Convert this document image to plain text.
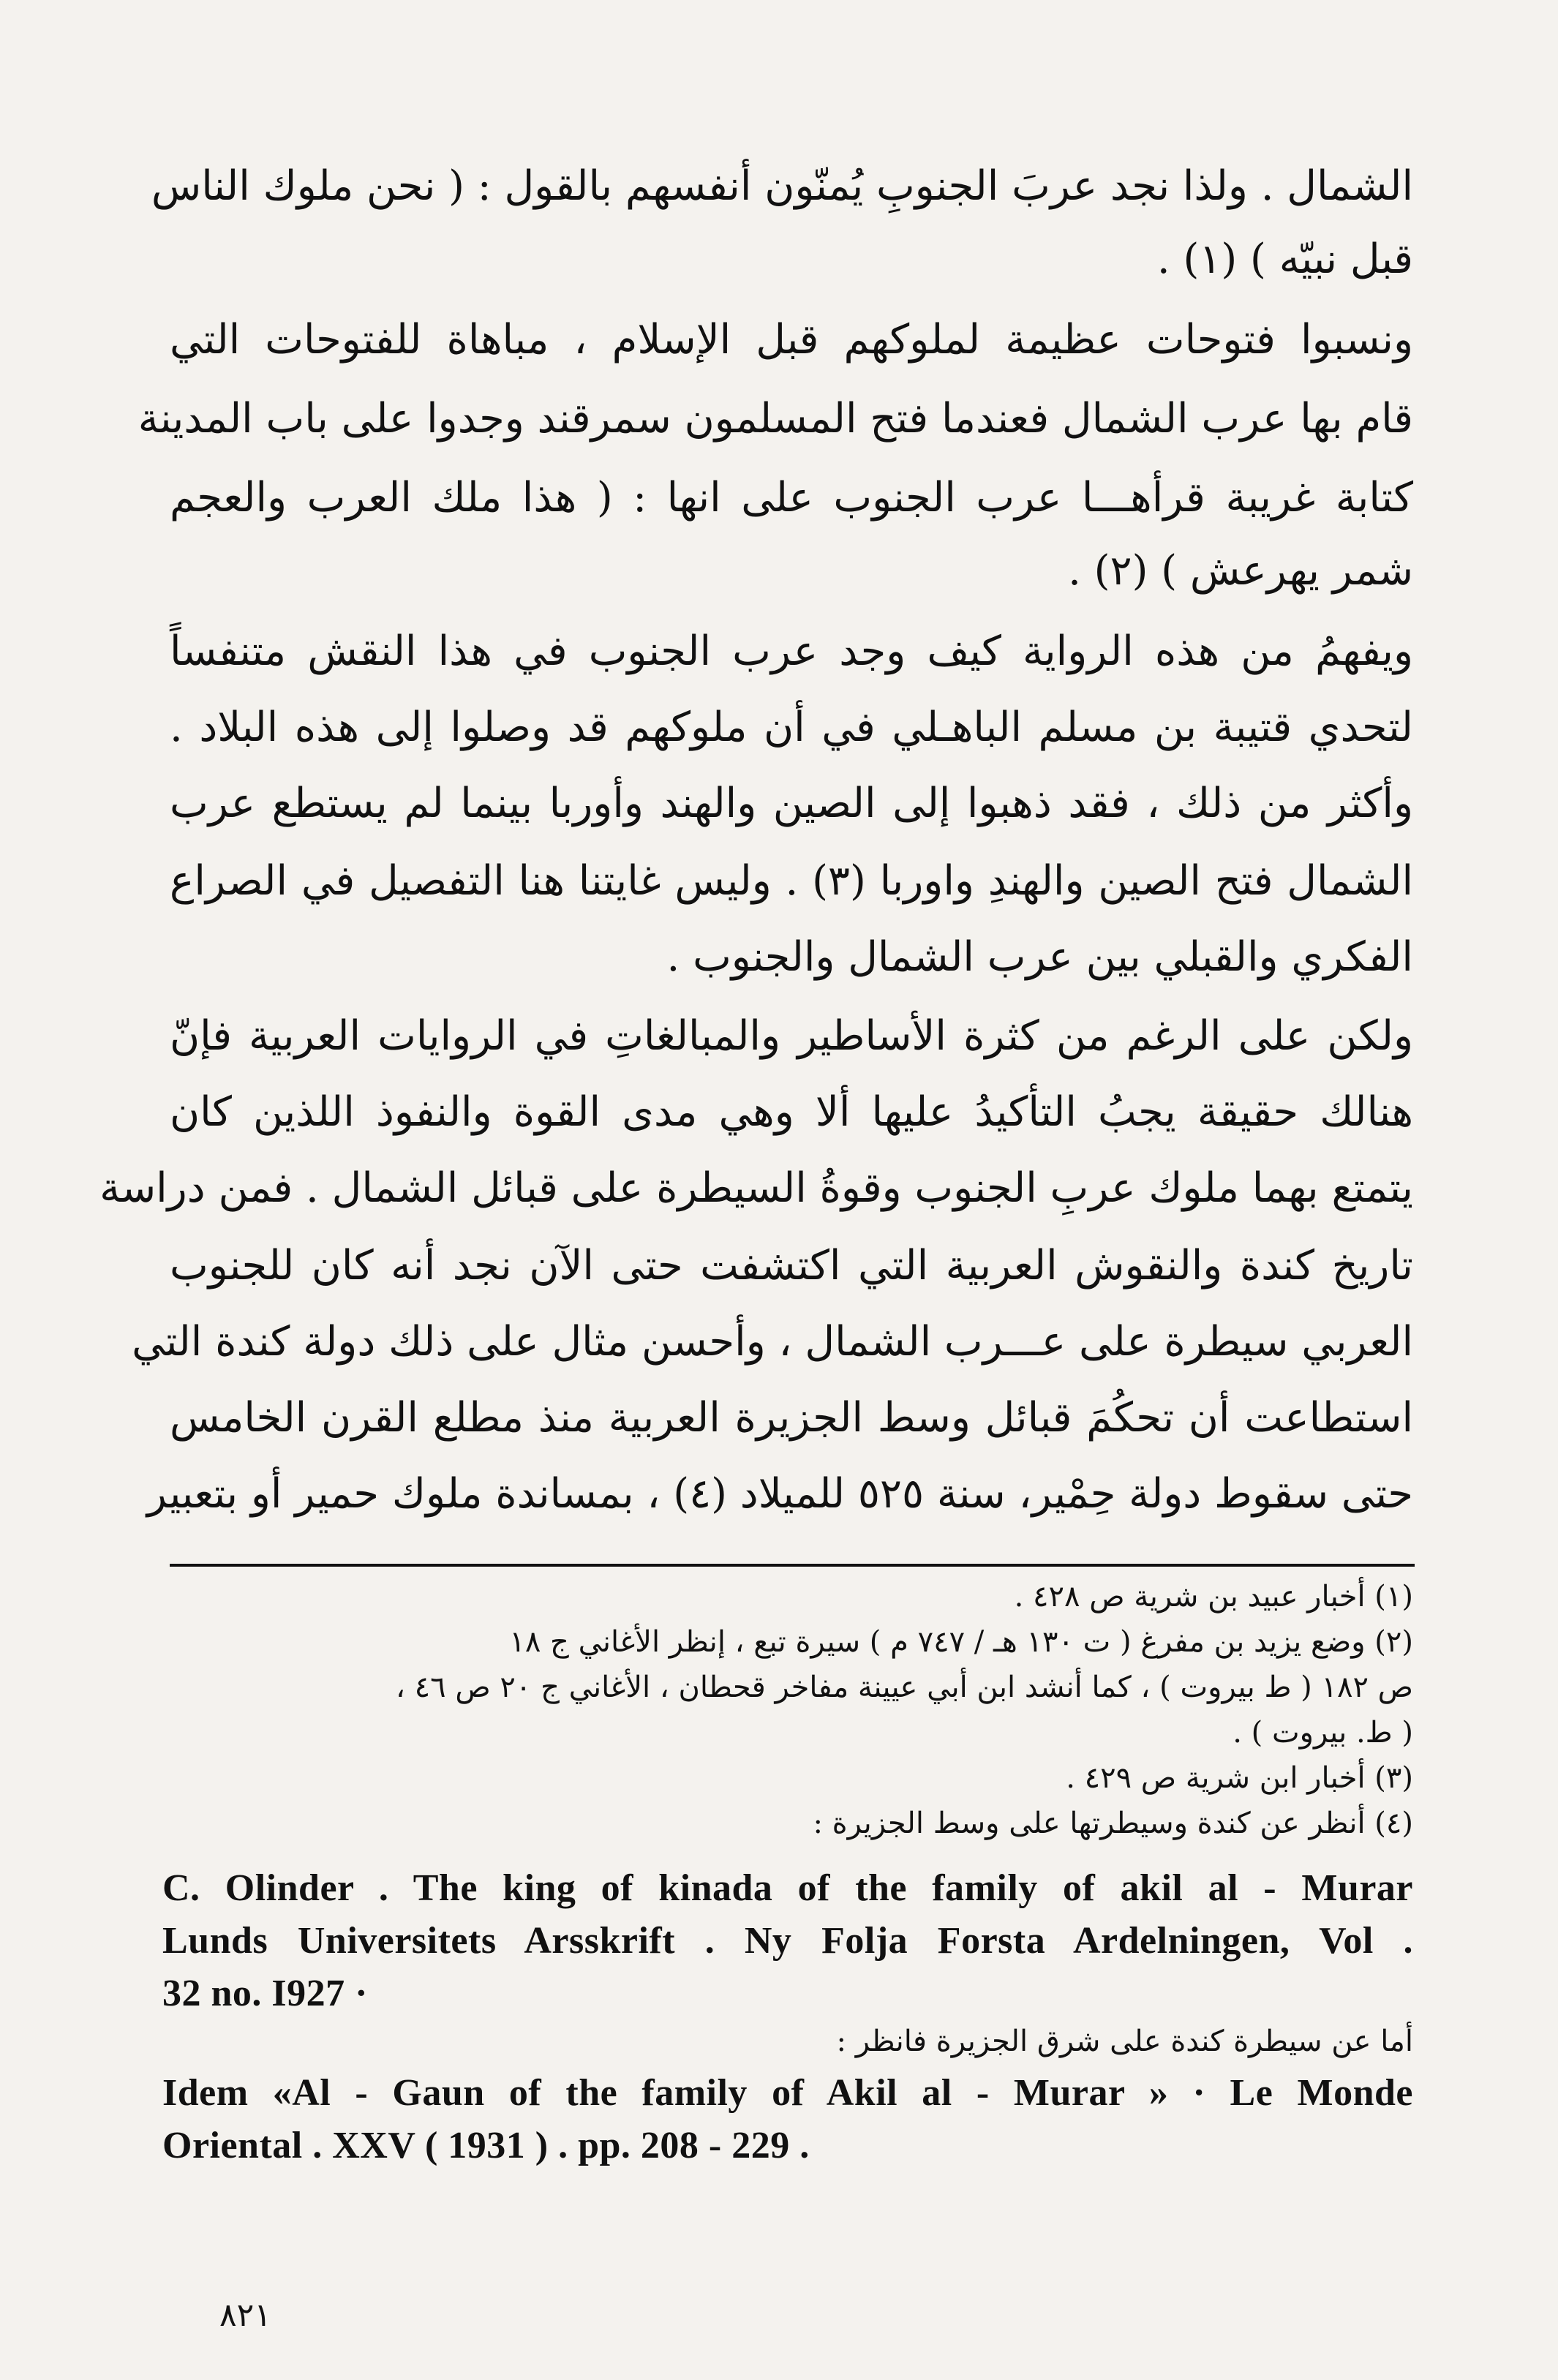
الشمال . ولذا نجد عربَ الجنوبِ يُمنّون أنفسهم بالقول : ( نحن ملوك الناس
قبل نبيّه ) (١) .
ونسبوا فتوحات عظيمة لملوكهم قبل الإسلام ، مباهاة للفتوحات التي
قام بها عرب الشمال فعندما فتح المسلمون سمرقند وجدوا على باب المدينة
كتابة غريبة قرأهـــا عرب الجنوب على انها : ( هذا ملك العرب والعجم
شمر يهرعش ) (٢) .
ويفهمُ من هذه الرواية كيف وجد عرب الجنوب في هذا النقش متنفساً
لتحدي قتيبة بن مسلم الباهـلي في أن ملوكهم قد وصلوا إلى هذه البلاد .
وأكثر من ذلك ، فقد ذهبوا إلى الصين والهند وأوربا بينما لم يستطع عرب
الشمال فتح الصين والهندِ واوربا (٣) . وليس غايتنا هنا التفصيل في الصراع
الفكري والقبلي بين عرب الشمال والجنوب .
ولكن على الرغم من كثرة الأساطير والمبالغاتِ في الروايات العربية فإنّ
هنالك حقيقة يجبُ التأكيدُ عليها ألا وهي مدى القوة والنفوذ اللذين كان
يتمتع بهما ملوك عربِ الجنوب وقوةُ السيطرة على قبائل الشمال . فمن دراسة
تاريخ كندة والنقوش العربية التي اكتشفت حتى الآن نجد أنه كان للجنوب
العربي سيطرة على عـــرب الشمال ، وأحسن مثال على ذلك دولة كندة التي
استطاعت أن تحكُمَ قبائل وسط الجزيرة العربية منذ مطلع القرن الخامس
حتى سقوط دولة حِمْير، سنة ٥٢٥ للميلاد (٤) ، بمساندة ملوك حمير أو بتعبير
(١) أخبار عبيد بن شرية ص ٤٢٨ .
(٢) وضع يزيد بن مفرغ ( ت ١٣٠ هـ / ٧٤٧ م ) سيرة تبع ، إنظر الأغاني ج ١٨
ص ١٨٢ ( ط بيروت ) ، كما أنشد ابن أبي عيينة مفاخر قحطان ، الأغاني ج ٢٠ ص ٤٦ ،
( ط. بيروت ) .
(٣) أخبار ابن شرية ص ٤٢٩ .
(٤) أنظر عن كندة وسيطرتها على وسط الجزيرة :
C. Olinder . The king of kinada of the family of akil al - Murar
Lunds Universitets Arsskrift . Ny Folja Forsta Ardelningen, Vol .
32 no. I927 ·
أما عن سيطرة كندة على شرق الجزيرة فانظر :
Idem «Al - Gaun of the family of Akil al - Murar » · Le Monde
Oriental . XXV ( 1931 ) . pp. 208 - 229 .
٨٢١
